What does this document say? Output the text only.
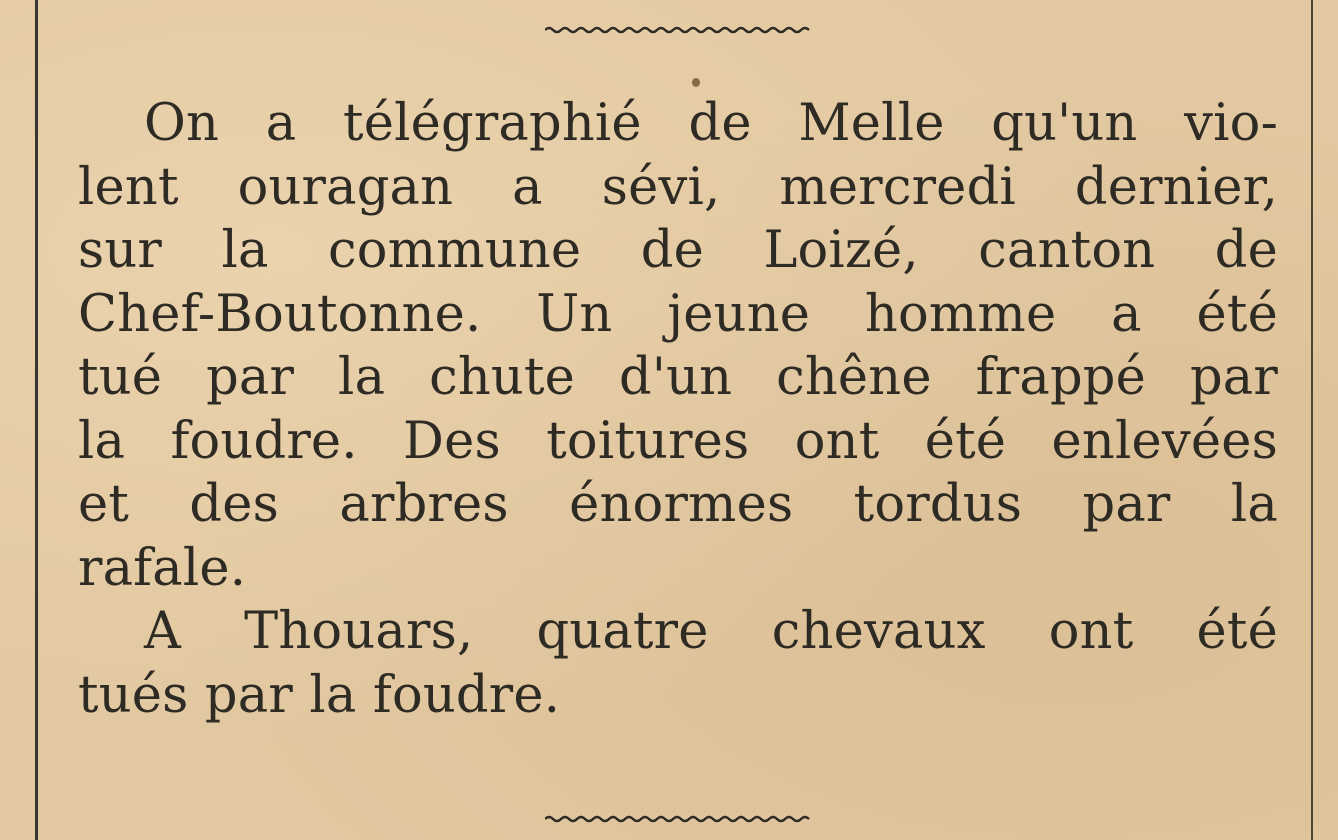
On a télégraphié de Melle qu'un vio-
lent ouragan a sévi, mercredi dernier,
sur la commune de Loizé, canton de
Chef-Boutonne. Un jeune homme a été
tué par la chute d'un chêne frappé par
la foudre. Des toitures ont été enlevées
et des arbres énormes tordus par la
rafale.
A Thouars, quatre chevaux ont été
tués par la foudre.
